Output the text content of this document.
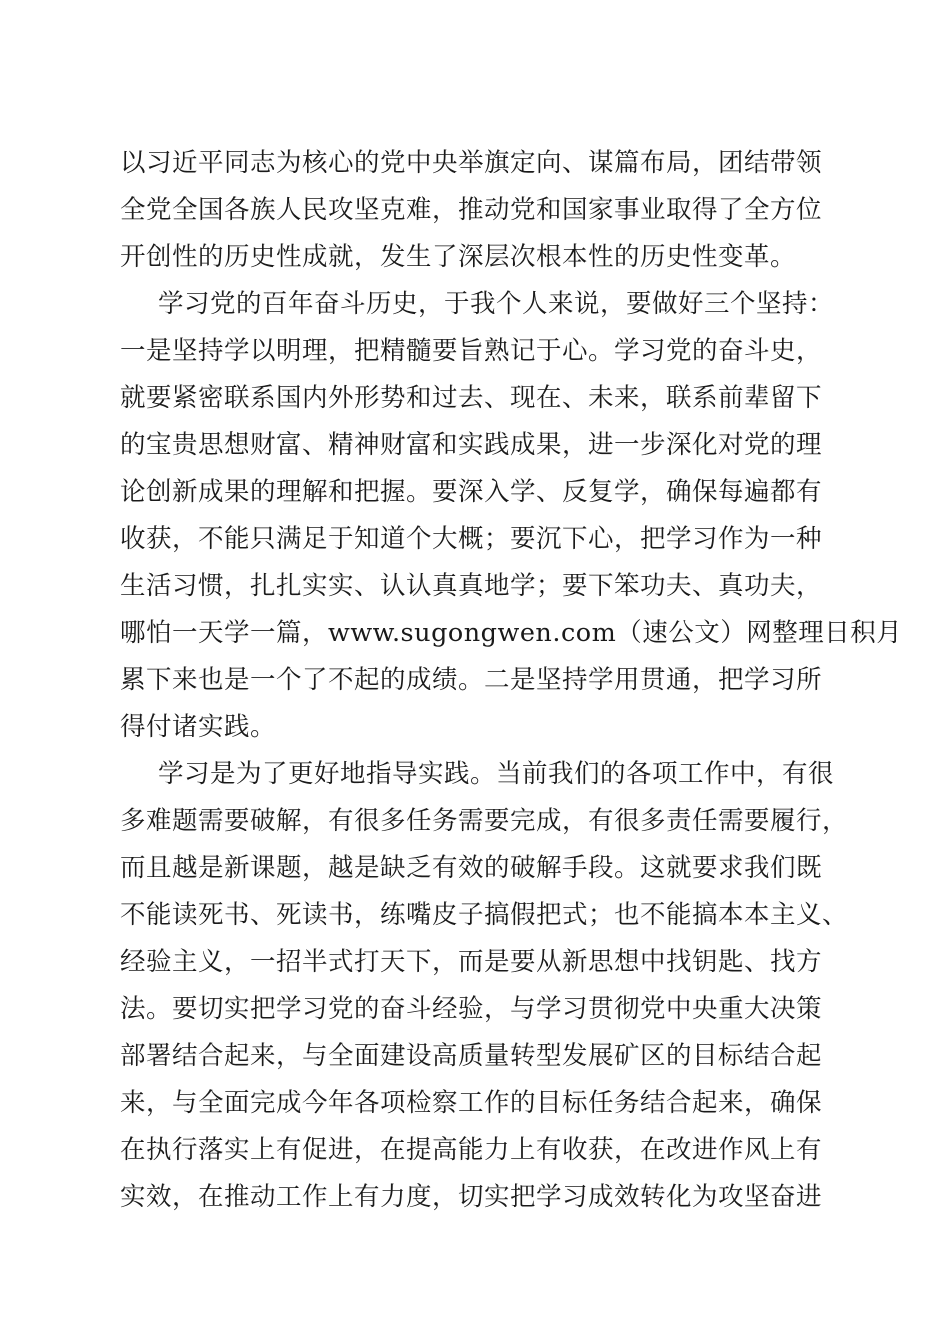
以习近平同志为核心的党中央举旗定向、谋篇布局，团结带领

全党全国各族人民攻坚克难，推动党和国家事业取得了全方位

开创性的历史性成就，发生了深层次根本性的历史性变革。

学习党的百年奋斗历史，于我个人来说，要做好三个坚持：

一是坚持学以明理，把精髓要旨熟记于心。学习党的奋斗史，

就要紧密联系国内外形势和过去、现在、未来，联系前辈留下

的宝贵思想财富、精神财富和实践成果，进一步深化对党的理

论创新成果的理解和把握。要深入学、反复学，确保每遍都有

收获，不能只满足于知道个大概；要沉下心，把学习作为一种

生活习惯，扎扎实实、认认真真地学；要下笨功夫、真功夫，

哪怕一天学一篇，www.sugongwen.com（速公文）网整理日积月

累下来也是一个了不起的成绩。二是坚持学用贯通，把学习所

得付诸实践。

学习是为了更好地指导实践。当前我们的各项工作中，有很

多难题需要破解，有很多任务需要完成，有很多责任需要履行，

而且越是新课题，越是缺乏有效的破解手段。这就要求我们既

不能读死书、死读书，练嘴皮子搞假把式；也不能搞本本主义、

经验主义，一招半式打天下，而是要从新思想中找钥匙、找方

法。要切实把学习党的奋斗经验，与学习贯彻党中央重大决策

部署结合起来，与全面建设高质量转型发展矿区的目标结合起

来，与全面完成今年各项检察工作的目标任务结合起来，确保

在执行落实上有促进，在提高能力上有收获，在改进作风上有

实效，在推动工作上有力度，切实把学习成效转化为攻坚奋进
